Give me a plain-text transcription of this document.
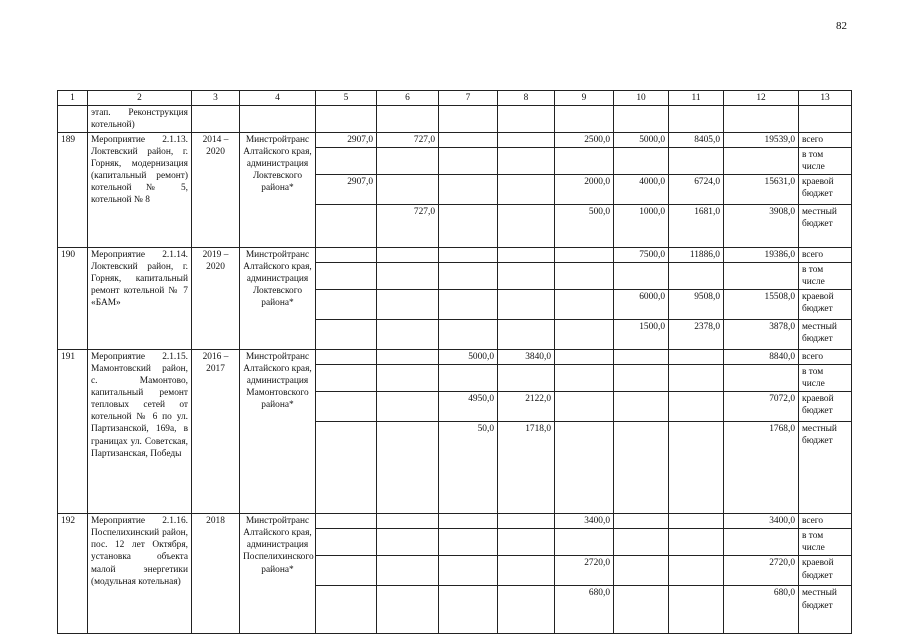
82
1	2	3	4	5	6	7	8	9	10	11	12	13
	этап. Реконструкция котельной)											
189	Мероприятие 2.1.13. Локтевский район, г. Горняк, модернизация (капитальный ремонт) котельной № 5, котельной № 8	2014 – 2020	Минстройтранс Алтайского края, администрация Локтевского района*	2907,0	727,0			2500,0	5000,0	8405,0	19539,0	всего
												в том числе
				2907,0				2000,0	4000,0	6724,0	15631,0	краевой бюджет
					727,0			500,0	1000,0	1681,0	3908,0	местный бюджет
190	Мероприятие 2.1.14. Локтевский район, г. Горняк, капитальный ремонт котельной № 7 «БАМ»	2019 – 2020	Минстройтранс Алтайского края, администрация Локтевского района*						7500,0	11886,0	19386,0	всего
												в том числе
									6000,0	9508,0	15508,0	краевой бюджет
									1500,0	2378,0	3878,0	местный бюджет
191	Мероприятие 2.1.15. Мамонтовский район, с. Мамонтово, капитальный ремонт тепловых сетей от котельной № 6 по ул. Партизанской, 169а, в границах ул. Советская, Партизанская, Победы	2016 – 2017	Минстройтранс Алтайского края, администрация Мамонтовского района*			5000,0	3840,0				8840,0	всего
												в том числе
						4950,0	2122,0				7072,0	краевой бюджет
						50,0	1718,0				1768,0	местный бюджет
192	Мероприятие 2.1.16. Поспелихинский район, пос. 12 лет Октября, установка объекта малой энергетики (модульная котельная)	2018	Минстройтранс Алтайского края, администрация Поспелихинского района*					3400,0			3400,0	всего
												в том числе
								2720,0			2720,0	краевой бюджет
								680,0			680,0	местный бюджет
